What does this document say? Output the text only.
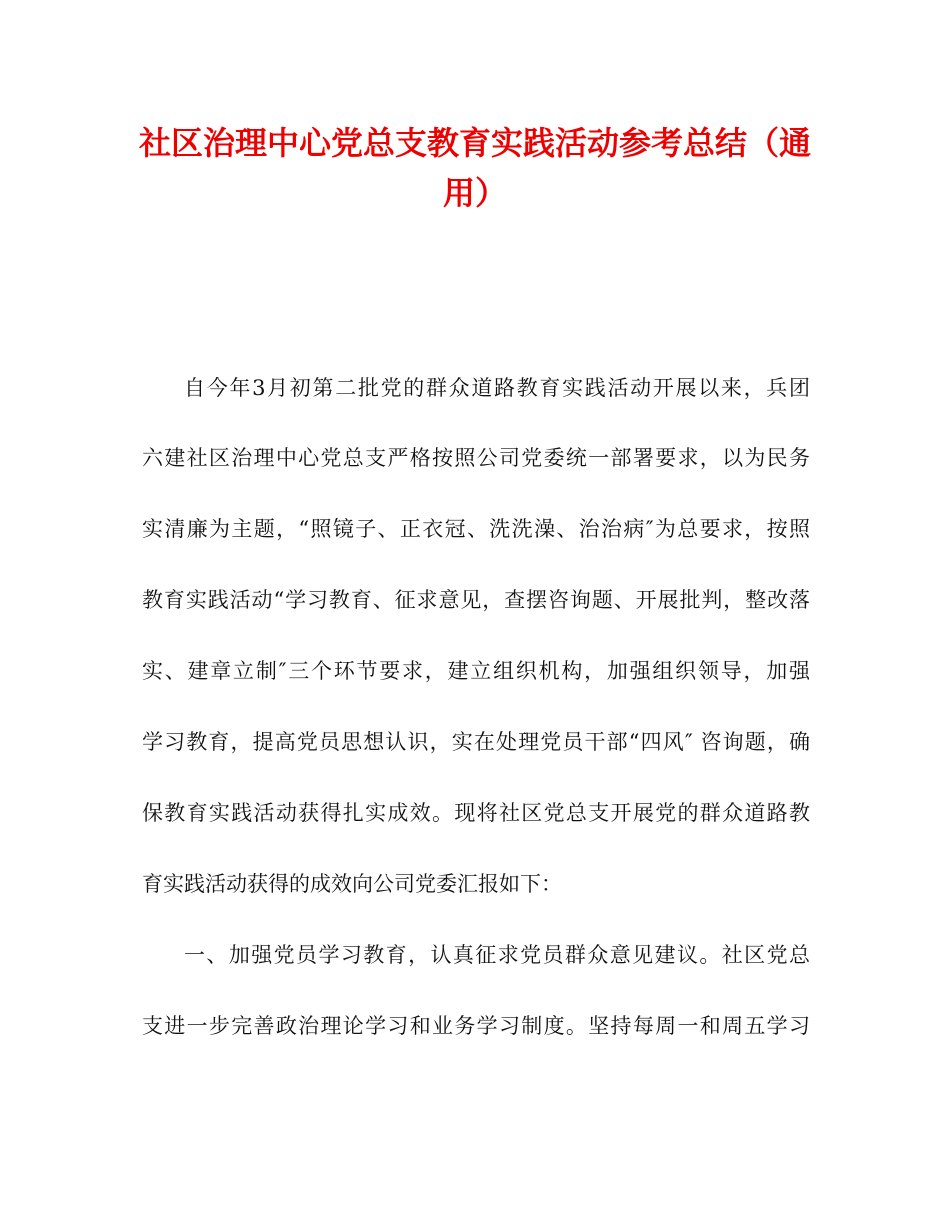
社区治理中心党总支教育实践活动参考总结（通用）

自今年3月初第二批党的群众道路教育实践活动开展以来，兵团

六建社区治理中心党总支严格按照公司党委统一部署要求，以为民务

实清廉为主题，“照镜子、正衣冠、洗洗澡、治治病″为总要求，按照

教育实践活动“学习教育、征求意见，查摆咨询题、开展批判，整改落

实、建章立制″三个环节要求，建立组织机构，加强组织领导，加强

学习教育，提高党员思想认识，实在处理党员干部“四风″ 咨询题，确

保教育实践活动获得扎实成效。现将社区党总支开展党的群众道路教

育实践活动获得的成效向公司党委汇报如下：

一、加强党员学习教育，认真征求党员群众意见建议。社区党总

支进一步完善政治理论学习和业务学习制度。坚持每周一和周五学习
